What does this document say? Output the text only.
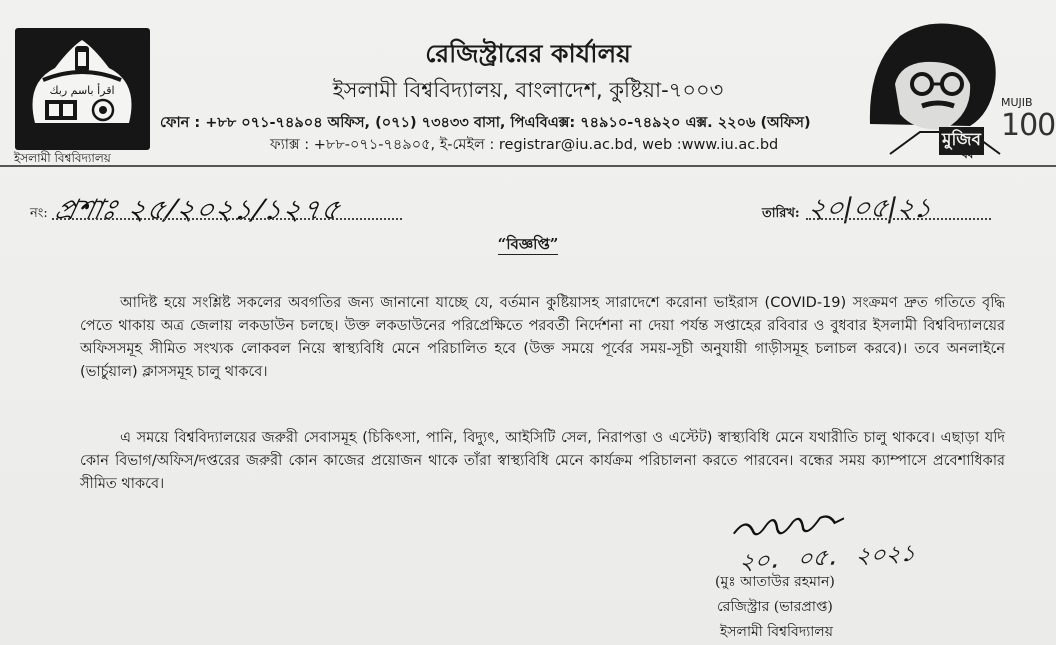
اقرأ باسم ربك
ইসলামী বিশ্ববিদ্যালয়
রেজিস্ট্রারের কার্যালয়
ইসলামী বিশ্ববিদ্যালয়, বাংলাদেশ, কুষ্টিয়া-৭০০৩
ফোন : +৮৮ ০৭১-৭৪৯০৪ অফিস, (০৭১) ৭৩৪৩৩ বাসা, পিএবিএক্স: ৭৪৯১০-৭৪৯২০ এক্স. ২২০৬ (অফিস)
ফ্যাক্স : +৮৮-০৭১-৭৪৯০৫, ই-মেইল : registrar@iu.ac.bd, web :www.iu.ac.bd	মুজিব
বর্ষ
MUJIB
100
নং: প্রশাঃ ২৫/২০২১/১২৭৫	তারিখ: ২০|০৫|২১
“বিজ্ঞপ্তি”
আদিষ্ট হয়ে সংশ্লিষ্ট সকলের অবগতির জন্য জানানো যাচ্ছে যে, বর্তমান কুষ্টিয়াসহ সারাদেশে করোনা ভাইরাস (COVID-19) সংক্রমণ দ্রুত গতিতে বৃদ্ধি পেতে থাকায় অত্র জেলায় লকডাউন চলছে। উক্ত লকডাউনের পরিপ্রেক্ষিতে পরবর্তী নির্দেশনা না দেয়া পর্যন্ত সপ্তাহের রবিবার ও বুধবার ইসলামী বিশ্ববিদ্যালয়ের অফিসসমূহ সীমিত সংখ্যক লোকবল নিয়ে স্বাস্থ্যবিধি মেনে পরিচালিত হবে (উক্ত সময়ে পূর্বের সময়-সূচী অনুযায়ী গাড়ীসমূহ চলাচল করবে)। তবে অনলাইনে (ভার্চুয়াল) ক্লাসসমূহ চালু থাকবে।
এ সময়ে বিশ্ববিদ্যালয়ের জরুরী সেবাসমূহ (চিকিৎসা, পানি, বিদ্যুৎ, আইসিটি সেল, নিরাপত্তা ও এস্টেট) স্বাস্থ্যবিধি মেনে যথারীতি চালু থাকবে। এছাড়া যদি কোন বিভাগ/অফিস/দপ্তরের জরুরী কোন কাজের প্রয়োজন থাকে তাঁরা স্বাস্থ্যবিধি মেনে কার্যক্রম পরিচালনা করতে পারবেন। বন্ধের সময় ক্যাম্পাসে প্রবেশাধিকার সীমিত থাকবে।
২০. ০৫. ২০২১
(মুঃ আতাউর রহমান)
রেজিস্ট্রার (ভারপ্রাপ্ত)
ইসলামী বিশ্ববিদ্যালয়
